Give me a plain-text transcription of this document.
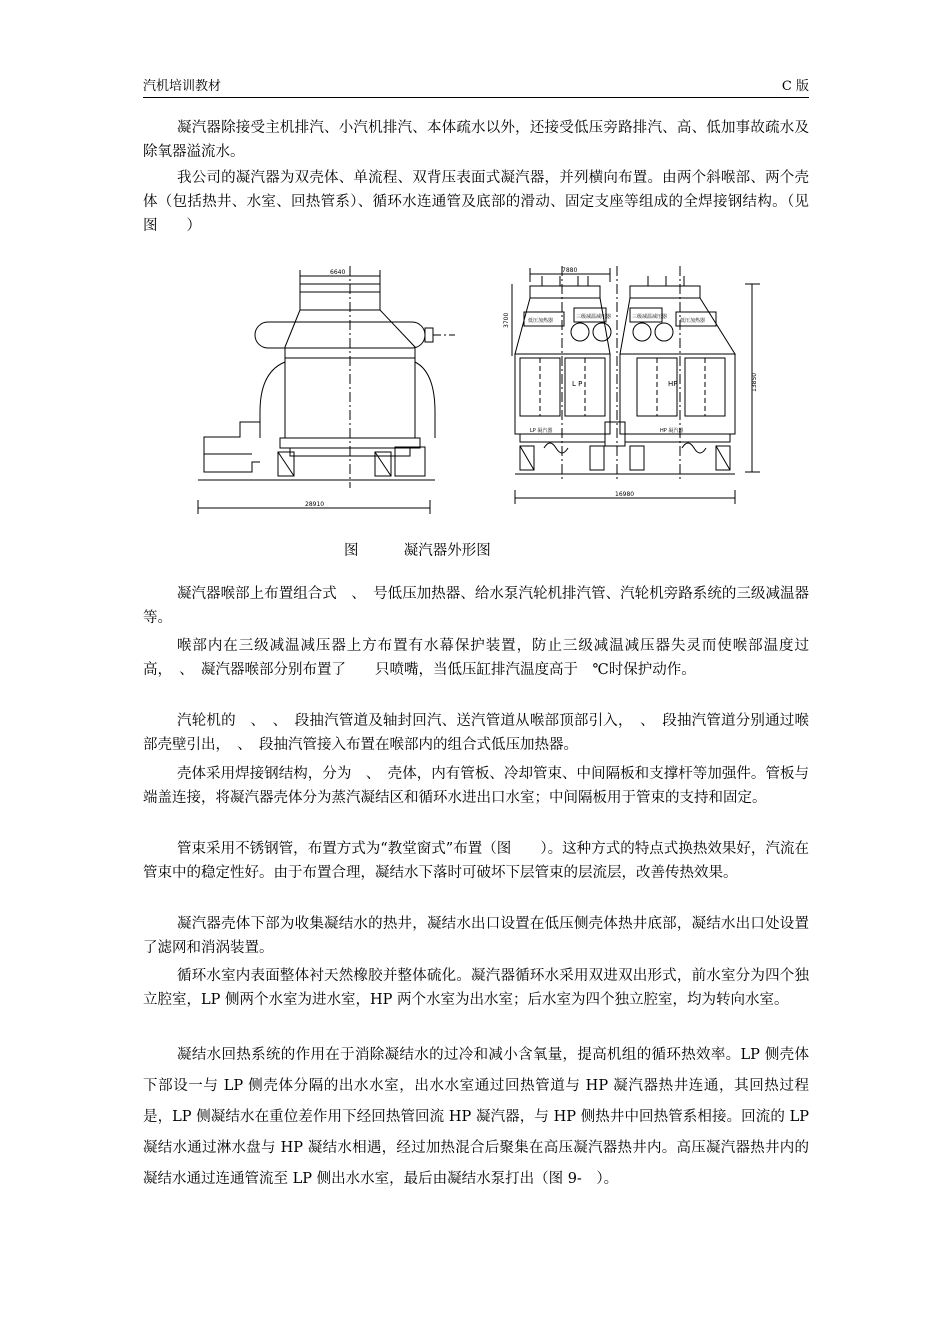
汽机培训教材	C 版

凝汽器除接受主机排汽、小汽机排汽、本体疏水以外，还接受低压旁路排汽、高、低加事故疏水及除氧器溢流水。

我公司的凝汽器为双壳体、单流程、双背压表面式凝汽器，并列横向布置。由两个斜喉部、两个壳体（包括热井、水室、回热管系）、循环水连通管及底部的滑动、固定支座等组成的全焊接钢结构。（见图　　）

6640
28910
7880
16980
13850
3700
L P	HP
低压加热器
三级减温减压器	三级减温减压器
低压加热器
LP 凝汽器	HP 凝汽器
图	凝汽器外形图

凝汽器喉部上布置组合式　、　号低压加热器、给水泵汽轮机排汽管、汽轮机旁路系统的三级减温器等。

喉部内在三级减温减压器上方布置有水幕保护装置，防止三级减温减压器失灵而使喉部温度过高，　、　凝汽器喉部分别布置了　　只喷嘴，当低压缸排汽温度高于　℃时保护动作。

汽轮机的　、　、　段抽汽管道及轴封回汽、送汽管道从喉部顶部引入，　、　段抽汽管道分别通过喉部壳壁引出，　、　段抽汽管接入布置在喉部内的组合式低压加热器。

壳体采用焊接钢结构，分为　、　壳体，内有管板、冷却管束、中间隔板和支撑杆等加强件。管板与端盖连接，将凝汽器壳体分为蒸汽凝结区和循环水进出口水室；中间隔板用于管束的支持和固定。

管束采用不锈钢管，布置方式为“教堂窗式”布置（图　　）。这种方式的特点式换热效果好，汽流在管束中的稳定性好。由于布置合理，凝结水下落时可破坏下层管束的层流层，改善传热效果。

凝汽器壳体下部为收集凝结水的热井，凝结水出口设置在低压侧壳体热井底部，凝结水出口处设置了滤网和消涡装置。

循环水室内表面整体衬天然橡胶并整体硫化。凝汽器循环水采用双进双出形式，前水室分为四个独立腔室，LP 侧两个水室为进水室，HP 两个水室为出水室；后水室为四个独立腔室，均为转向水室。

凝结水回热系统的作用在于消除凝结水的过冷和减小含氧量，提高机组的循环热效率。LP 侧壳体下部设一与 LP 侧壳体分隔的出水水室，出水水室通过回热管道与 HP 凝汽器热井连通，其回热过程是，LP 侧凝结水在重位差作用下经回热管回流 HP 凝汽器，与 HP 侧热井中回热管系相接。回流的 LP 凝结水通过淋水盘与 HP 凝结水相遇，经过加热混合后聚集在高压凝汽器热井内。高压凝汽器热井内的凝结水通过连通管流至 LP 侧出水水室，最后由凝结水泵打出（图 9-　）。
